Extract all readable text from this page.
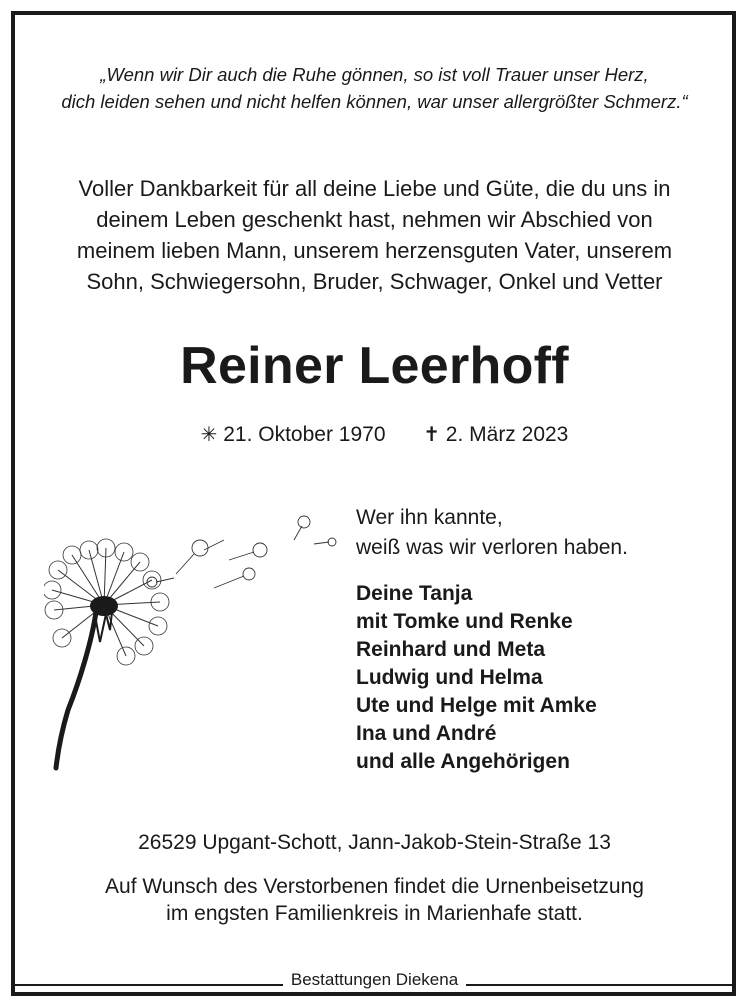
„Wenn wir Dir auch die Ruhe gönnen, so ist voll Trauer unser Herz,
dich leiden sehen und nicht helfen können, war unser allergrößter Schmerz.“
Voller Dankbarkeit für all deine Liebe und Güte, die du uns in
deinem Leben geschenkt hast, nehmen wir Abschied von
meinem lieben Mann, unserem herzensguten Vater, unserem
Sohn, Schwiegersohn, Bruder, Schwager, Onkel und Vetter
Reiner Leerhoff
✳ 21. Oktober 1970 ✝ 2. März 2023
Wer ihn kannte,
weiß was wir verloren haben.
Deine Tanja
mit Tomke und Renke
Reinhard und Meta
Ludwig und Helma
Ute und Helge mit Amke
Ina und André
und alle Angehörigen
26529 Upgant-Schott, Jann-Jakob-Stein-Straße 13
Auf Wunsch des Verstorbenen findet die Urnenbeisetzung
im engsten Familienkreis in Marienhafe statt.
Bestattungen Diekena
